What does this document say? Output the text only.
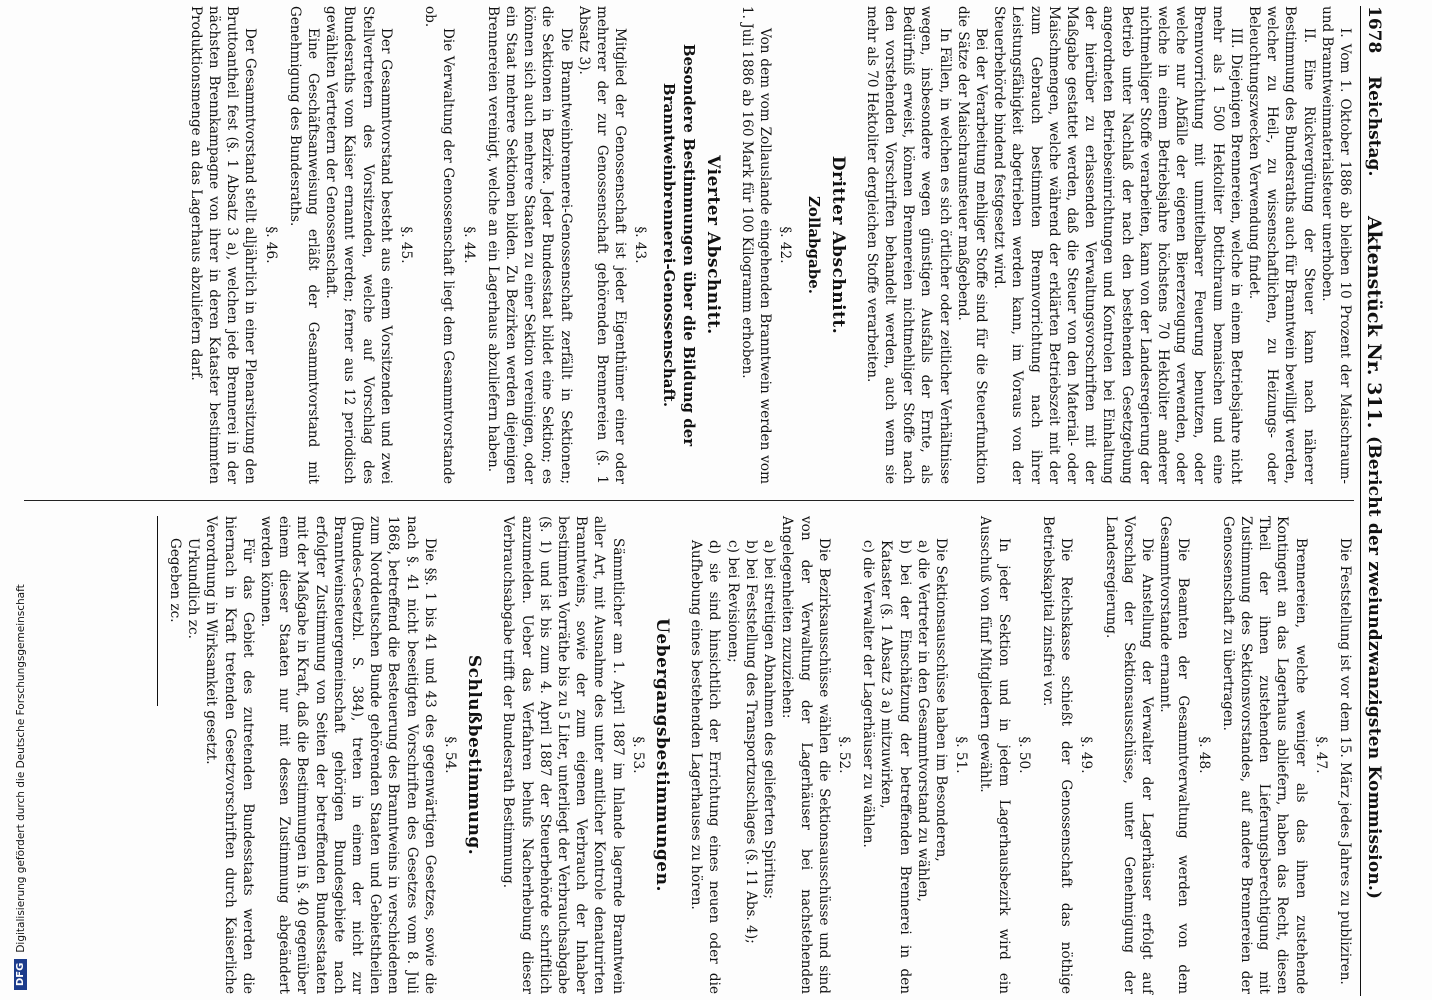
1678
Reichstag.
Aktenstück Nr. 311.
(Bericht der zweiundzwanzigsten Kommission.)

I. Vom 1. Oktober 1886 ab bleiben 10 Prozent der Maischraum- und Branntweinmaterialsteuer unerhoben.

II. Eine Rückvergütung der Steuer kann nach näherer Bestimmung des Bundesraths auch für Branntwein bewilligt werden, welcher zu Heil-, zu wissenschaftlichen, zu Heizungs- oder Beleuchtungszwecken Verwendung findet.

III. Diejenigen Brennereien, welche in einem Betriebsjahre nicht mehr als 1 500 Hektoliter Bottichraum bemaischen und eine Brennvorrichtung mit unmittelbarer Feuerung benutzen, oder welche nur Abfälle der eigenen Biererzeugung verwenden, oder welche in einem Betriebsjahre höchstens 70 Hektoliter anderer nichtmehliger Stoffe verarbeiten, kann von der Landesregierung der Betrieb unter Nachlaß der nach den bestehenden Gesetzgebung angeordneten Betriebseinrichtungen und Kontrolen bei Einhaltung der hierüber zu erlassenden Verwaltungsvorschriften mit der Maßgabe gestattet werden, daß die Steuer von den Material- oder Maischmengen, welche während der erklärten Betriebszeit mit der zum Gebrauch bestimmten Brennvorrichtung nach ihrer Leistungsfähigkeit abgetrieben werden kann, im Voraus von der Steuerbehörde bindend festgesetzt wird.

Bei der Verarbeitung mehliger Stoffe sind für die Steuerfunktion die Sätze der Maischraumsteuer maßgebend.

In Fällen, in welchen es sich örtlicher oder zeitlicher Verhältnisse wegen, insbesondere wegen günstigen Ausfalls der Ernte, als Bedürfniß erweist, können Brennereien nichtmehliger Stoffe nach den vorstehenden Vorschriften behandelt werden, auch wenn sie mehr als 70 Hektoliter dergleichen Stoffe verarbeiten.

Dritter Abschnitt.

Zollabgabe.

§. 42.

Von dem vom Zollauslande eingehenden Branntwein werden vom 1. Juli 1886 ab 160 Mark für 100 Kilogramm erhoben.

Vierter Abschnitt.

Besondere Bestimmungen über die Bildung der Branntweinbrennerei-Genossenschaft.

§. 43.

Mitglied der Genossenschaft ist jeder Eigenthümer einer oder mehrerer der zur Genossenschaft gehörenden Brennereien (§. 1 Absatz 3).

Die Branntweinbrennerei-Genossenschaft zerfällt in Sektionen; die Sektionen in Bezirke. Jeder Bundesstaat bildet eine Sektion; es können sich auch mehrere Staaten zu einer Sektion vereinigen, oder ein Staat mehrere Sektionen bilden. Zu Bezirken werden diejenigen Brennereien vereinigt, welche an ein Lagerhaus abzuliefern haben.

§. 44.

Die Verwaltung der Genossenschaft liegt dem Gesammtvorstande ob.

§. 45.

Der Gesammtvorstand besteht aus einem Vorsitzenden und zwei Stellvertretern des Vorsitzenden, welche auf Vorschlag des Bundesraths vom Kaiser ernannt werden; ferner aus 12 periodisch gewählten Vertretern der Genossenschaft.

Eine Geschäftsanweisung erläßt der Gesammtvorstand mit Genehmigung des Bundesraths.

§. 46.

Der Gesammtvorstand stellt alljährlich in einer Plenarsitzung den Bruttoantheil fest (§. 1 Absatz 3 a), welchen jede Brennerei in der nächsten Brennkampagne von ihrer in deren Kataster bestimmten Produktionsmenge an das Lagerhaus abzuliefern darf.

Die Feststellung ist vor dem 15. März jedes Jahres zu publiziren.

§. 47.

Brennereien, welche weniger als das ihnen zustehende Kontingent an das Lagerhaus abliefern, haben das Recht, diesen Theil der ihnen zustehenden Lieferungsberechtigung mit Zustimmung des Sektionsvorstandes, auf andere Brennereien der Genossenschaft zu übertragen.

§. 48.

Die Beamten der Gesammtverwaltung werden von dem Gesammtvorstande ernannt.

Die Anstellung der Verwalter der Lagerhäuser erfolgt auf Vorschlag der Sektionsausschüsse, unter Genehmigung der Landesregierung.

§. 49.

Die Reichskasse schießt der Genossenschaft das nöthige Betriebskapital zinsfrei vor.

§. 50.

In jeder Sektion und in jedem Lagerhausbezirk wird ein Ausschuß von fünf Mitgliedern gewählt.

§. 51.

Die Sektionsausschüsse haben im Besonderen,

a) die Vertreter in den Gesammtvorstand zu wählen,

b) bei der Einschätzung der betreffenden Brennerei in den Kataster (§. 1 Absatz 3 a) mitzuwirken,

c) die Verwalter der Lagerhäuser zu wählen.

§. 52.

Die Bezirksausschüsse wählen die Sektionsausschüsse und sind von der Verwaltung der Lagerhäuser bei nachstehenden Angelegenheiten zuzuziehen:

a) bei streitigen Abnahmen des gelieferten Spiritus;

b) bei Feststellung des Transportzuschlages (§. 11 Abs. 4);

c) bei Revisionen;

d) sie sind hinsichtlich der Errichtung eines neuen oder die Aufhebung eines bestehenden Lagerhauses zu hören.

Uebergangsbestimmungen.

§. 53.

Sämmtlicher am 1. April 1887 im Inlande lagernde Branntwein aller Art, mit Ausnahme des unter amtlicher Kontrole denaturirten Branntweins, sowie der zum eigenen Verbrauch der Inhaber bestimmten Vorräthe bis zu 5 Liter, unterliegt der Verbrauchsabgabe (§. 1) und ist bis zum 4. April 1887 der Steuerbehörde schriftlich anzumelden. Ueber das Verfahren behufs Nacherhebung dieser Verbrauchsabgabe trifft der Bundesrath Bestimmung.

Schlußbestimmung.

§. 54.

Die §§. 1 bis 41 und 43 des gegenwärtigen Gesetzes, sowie die nach §. 41 nicht beseitigten Vorschriften des Gesetzes vom 8. Juli 1868, betreffend die Besteuerung des Branntweins in verschiedenen zum Norddeutschen Bunde gehörenden Staaten und Gebietstheilen (Bundes-Gesetzbl. S. 384), treten in einem der nicht zur Branntweinsteuergemeinschaft gehörigen Bundesgebiete nach erfolgter Zustimmung von Seiten der betreffenden Bundesstaaten mit der Maßgabe in Kraft, daß die Bestimmungen in §. 40 gegenüber einem dieser Staaten nur mit dessen Zustimmung abgeändert werden können.

Für das Gebiet des zutretenden Bundesstaats werden die hiernach in Kraft tretenden Gesetzvorschriften durch Kaiserliche Verordnung in Wirksamkeit gesetzt.

Urkundlich zc.

Gegeben zc.

DFG
Digitalisierung gefördert durch die Deutsche Forschungsgemeinschaft
